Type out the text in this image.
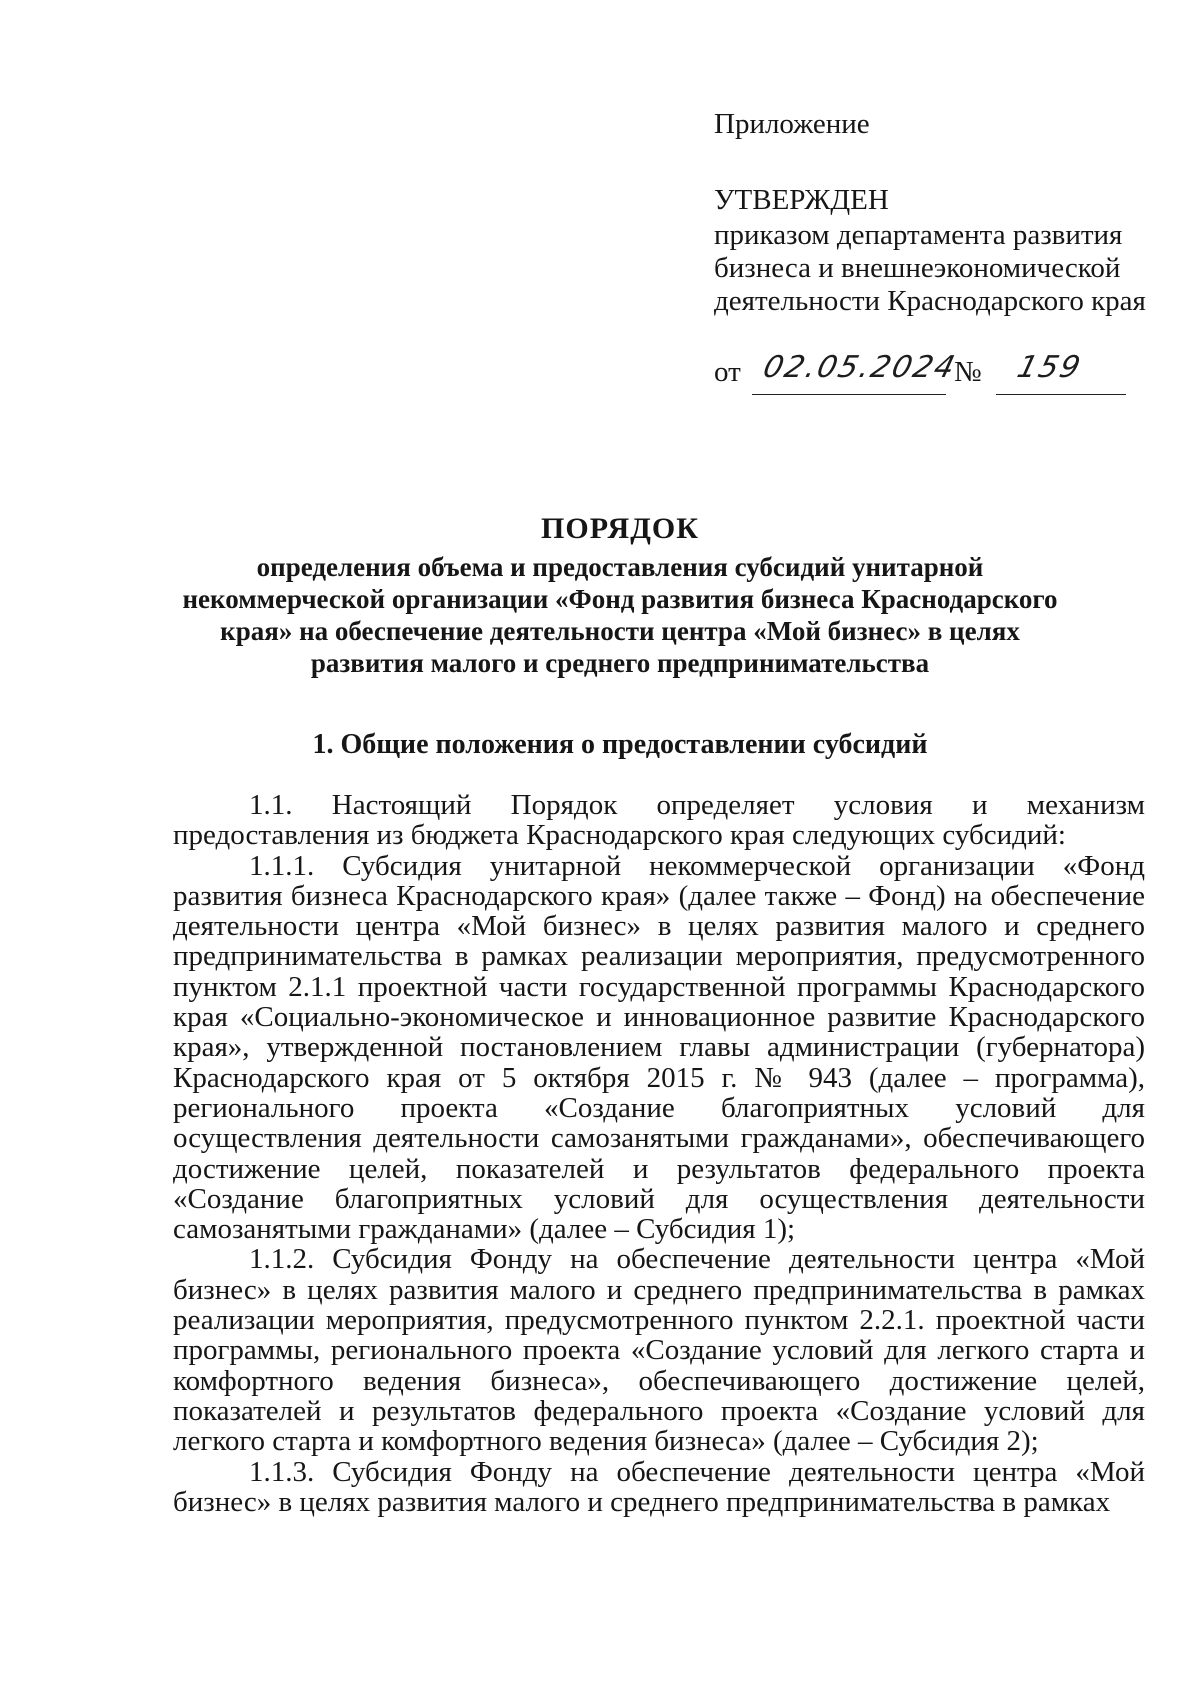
Приложение
УТВЕРЖДЕН
приказом департамента развития
бизнеса и внешнеэкономической
деятельности Краснодарского края
от 02.05.2024
№ 159
ПОРЯДОК
определения объема и предоставления субсидий унитарной
некоммерческой организации «Фонд развития бизнеса Краснодарского
края» на обеспечение деятельности центра «Мой бизнес» в целях
развития малого и среднего предпринимательства
1. Общие положения о предоставлении субсидий

1.1. Настоящий Порядок определяет условия и механизм предоставления из бюджета Краснодарского края следующих субсидий:

1.1.1. Субсидия унитарной некоммерческой организации «Фонд развития бизнеса Краснодарского края» (далее также – Фонд) на обеспечение деятельности центра «Мой бизнес» в целях развития малого и среднего предпринимательства в рамках реализации мероприятия, предусмотренного пунктом 2.1.1 проектной части государственной программы Краснодарского края «Социально-экономическое и инновационное развитие Краснодарского края», утвержденной постановлением главы администрации (губернатора) Краснодарского края от 5 октября 2015 г. № 943 (далее – программа), регионального проекта «Создание благоприятных условий для осуществления деятельности самозанятыми гражданами», обеспечивающего достижение целей, показателей и результатов федерального проекта «Создание благоприятных условий для осуществления деятельности самозанятыми гражданами» (далее – Субсидия 1);

1.1.2. Субсидия Фонду на обеспечение деятельности центра «Мой бизнес» в целях развития малого и среднего предпринимательства в рамках реализации мероприятия, предусмотренного пунктом 2.2.1. проектной части программы, регионального проекта «Создание условий для легкого старта и комфортного ведения бизнеса», обеспечивающего достижение целей, показателей и результатов федерального проекта «Создание условий для легкого старта и комфортного ведения бизнеса» (далее – Субсидия 2);

1.1.3. Субсидия Фонду на обеспечение деятельности центра «Мой бизнес» в целях развития малого и среднего предпринимательства в рамках
